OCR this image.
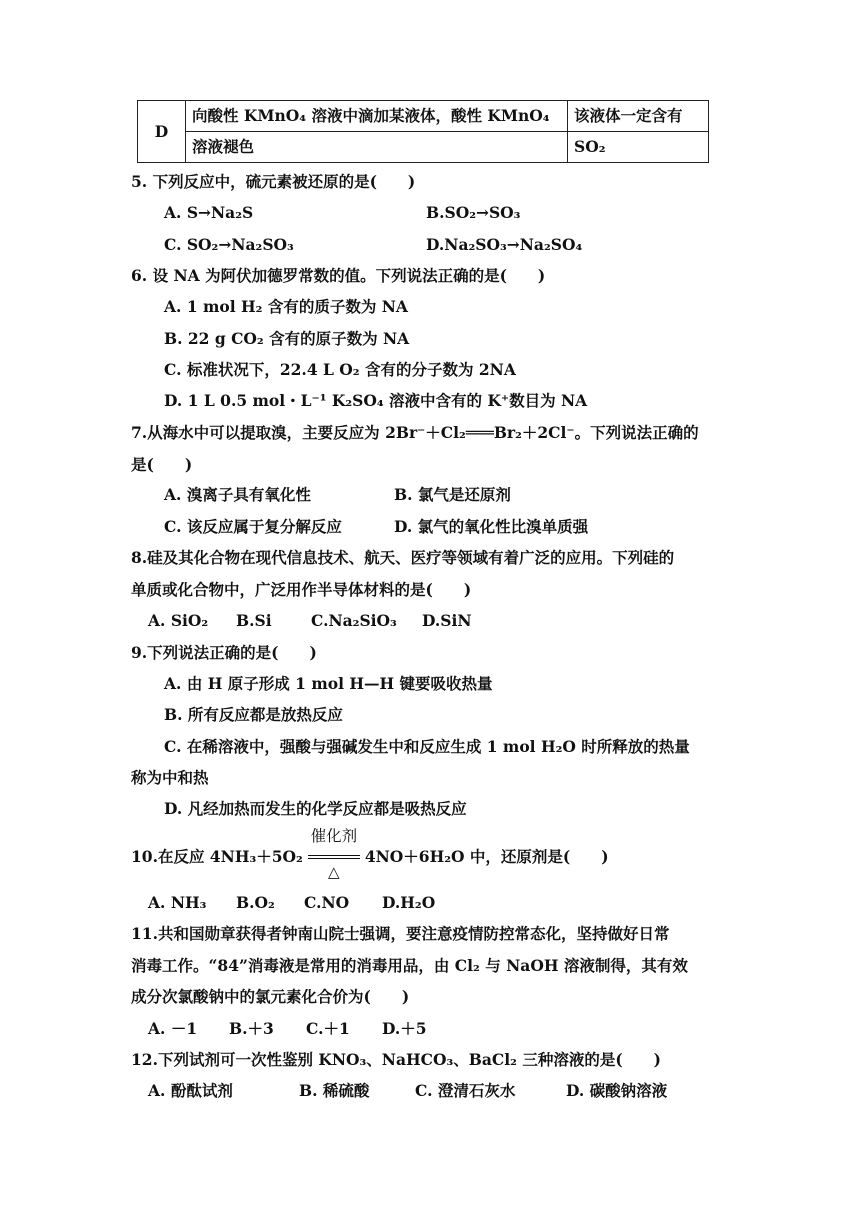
D	向酸性 KMnO₄ 溶液中滴加某液体，酸性 KMnO₄	该液体一定含有
	溶液褪色	SO₂
5. 下列反应中，硫元素被还原的是(　　)
A. S→Na₂S	B.SO₂→SO₃
C. SO₂→Na₂SO₃	D.Na₂SO₃→Na₂SO₄
6. 设 NA 为阿伏加德罗常数的值。下列说法正确的是(　　)
A. 1 mol H₂ 含有的质子数为 NA
B. 22 g CO₂ 含有的原子数为 NA
C. 标准状况下，22.4 L O₂ 含有的分子数为 2NA
D. 1 L 0.5 mol・L⁻¹ K₂SO₄ 溶液中含有的 K⁺数目为 NA
7.从海水中可以提取溴，主要反应为 2Br⁻＋Cl₂═══Br₂＋2Cl⁻。下列说法正确的
是(　　)
A. 溴离子具有氧化性	B. 氯气是还原剂
C. 该反应属于复分解反应	D. 氯气的氧化性比溴单质强
8.硅及其化合物在现代信息技术、航天、医疗等领域有着广泛的应用。下列硅的
单质或化合物中，广泛用作半导体材料的是(　　)
A. SiO₂ B.Si	C.Na₂SiO₃ D.SiN
9.下列说法正确的是(　　)
A. 由 H 原子形成 1 mol H—H 键要吸收热量
B. 所有反应都是放热反应
C. 在稀溶液中，强酸与强碱发生中和反应生成 1 mol H₂O 时所释放的热量
称为中和热
D. 凡经加热而发生的化学反应都是吸热反应
10.在反应 4NH₃＋5O₂
催化剂
△
4NO＋6H₂O 中，还原剂是(　　)
A. NH₃ B.O₂ C.NO D.H₂O
11.共和国勋章获得者钟南山院士强调，要注意疫情防控常态化，坚持做好日常
消毒工作。“84”消毒液是常用的消毒用品，由 Cl₂ 与 NaOH 溶液制得，其有效
成分次氯酸钠中的氯元素化合价为(　　)
A. －1 B.＋3 C.＋1 D.＋5
12.下列试剂可一次性鉴别 KNO₃、NaHCO₃、BaCl₂ 三种溶液的是(　　)
A. 酚酞试剂	B. 稀硫酸	C. 澄清石灰水	D. 碳酸钠溶液
